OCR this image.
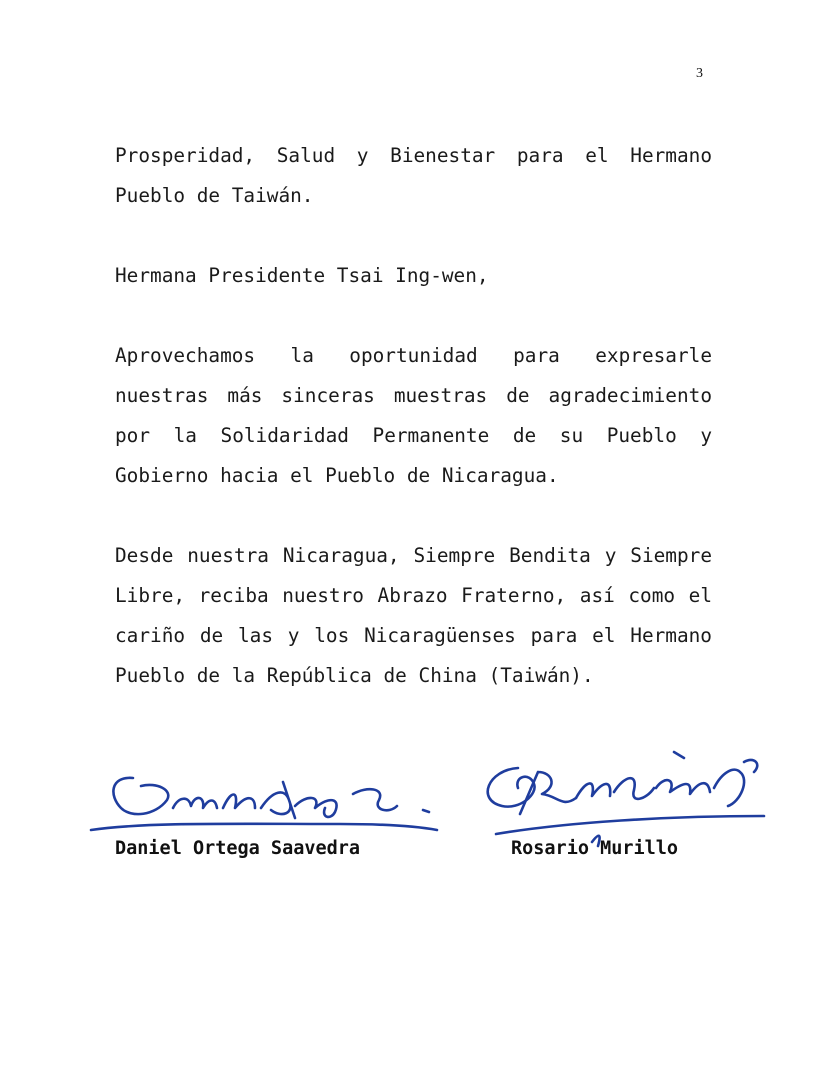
3

Prosperidad, Salud y Bienestar para el Hermano Pueblo de Taiwán.

Hermana Presidente Tsai Ing-wen,

Aprovechamos la oportunidad para expresarle nuestras más sinceras muestras de agradecimiento por la Solidaridad Permanente de su Pueblo y Gobierno hacia el Pueblo de Nicaragua.

Desde nuestra Nicaragua, Siempre Bendita y Siempre Libre, reciba nuestro Abrazo Fraterno, así como el cariño de las y los Nicaragüenses para el Hermano Pueblo de la República de China (Taiwán).

Daniel Ortega Saavedra	Rosario Murillo
